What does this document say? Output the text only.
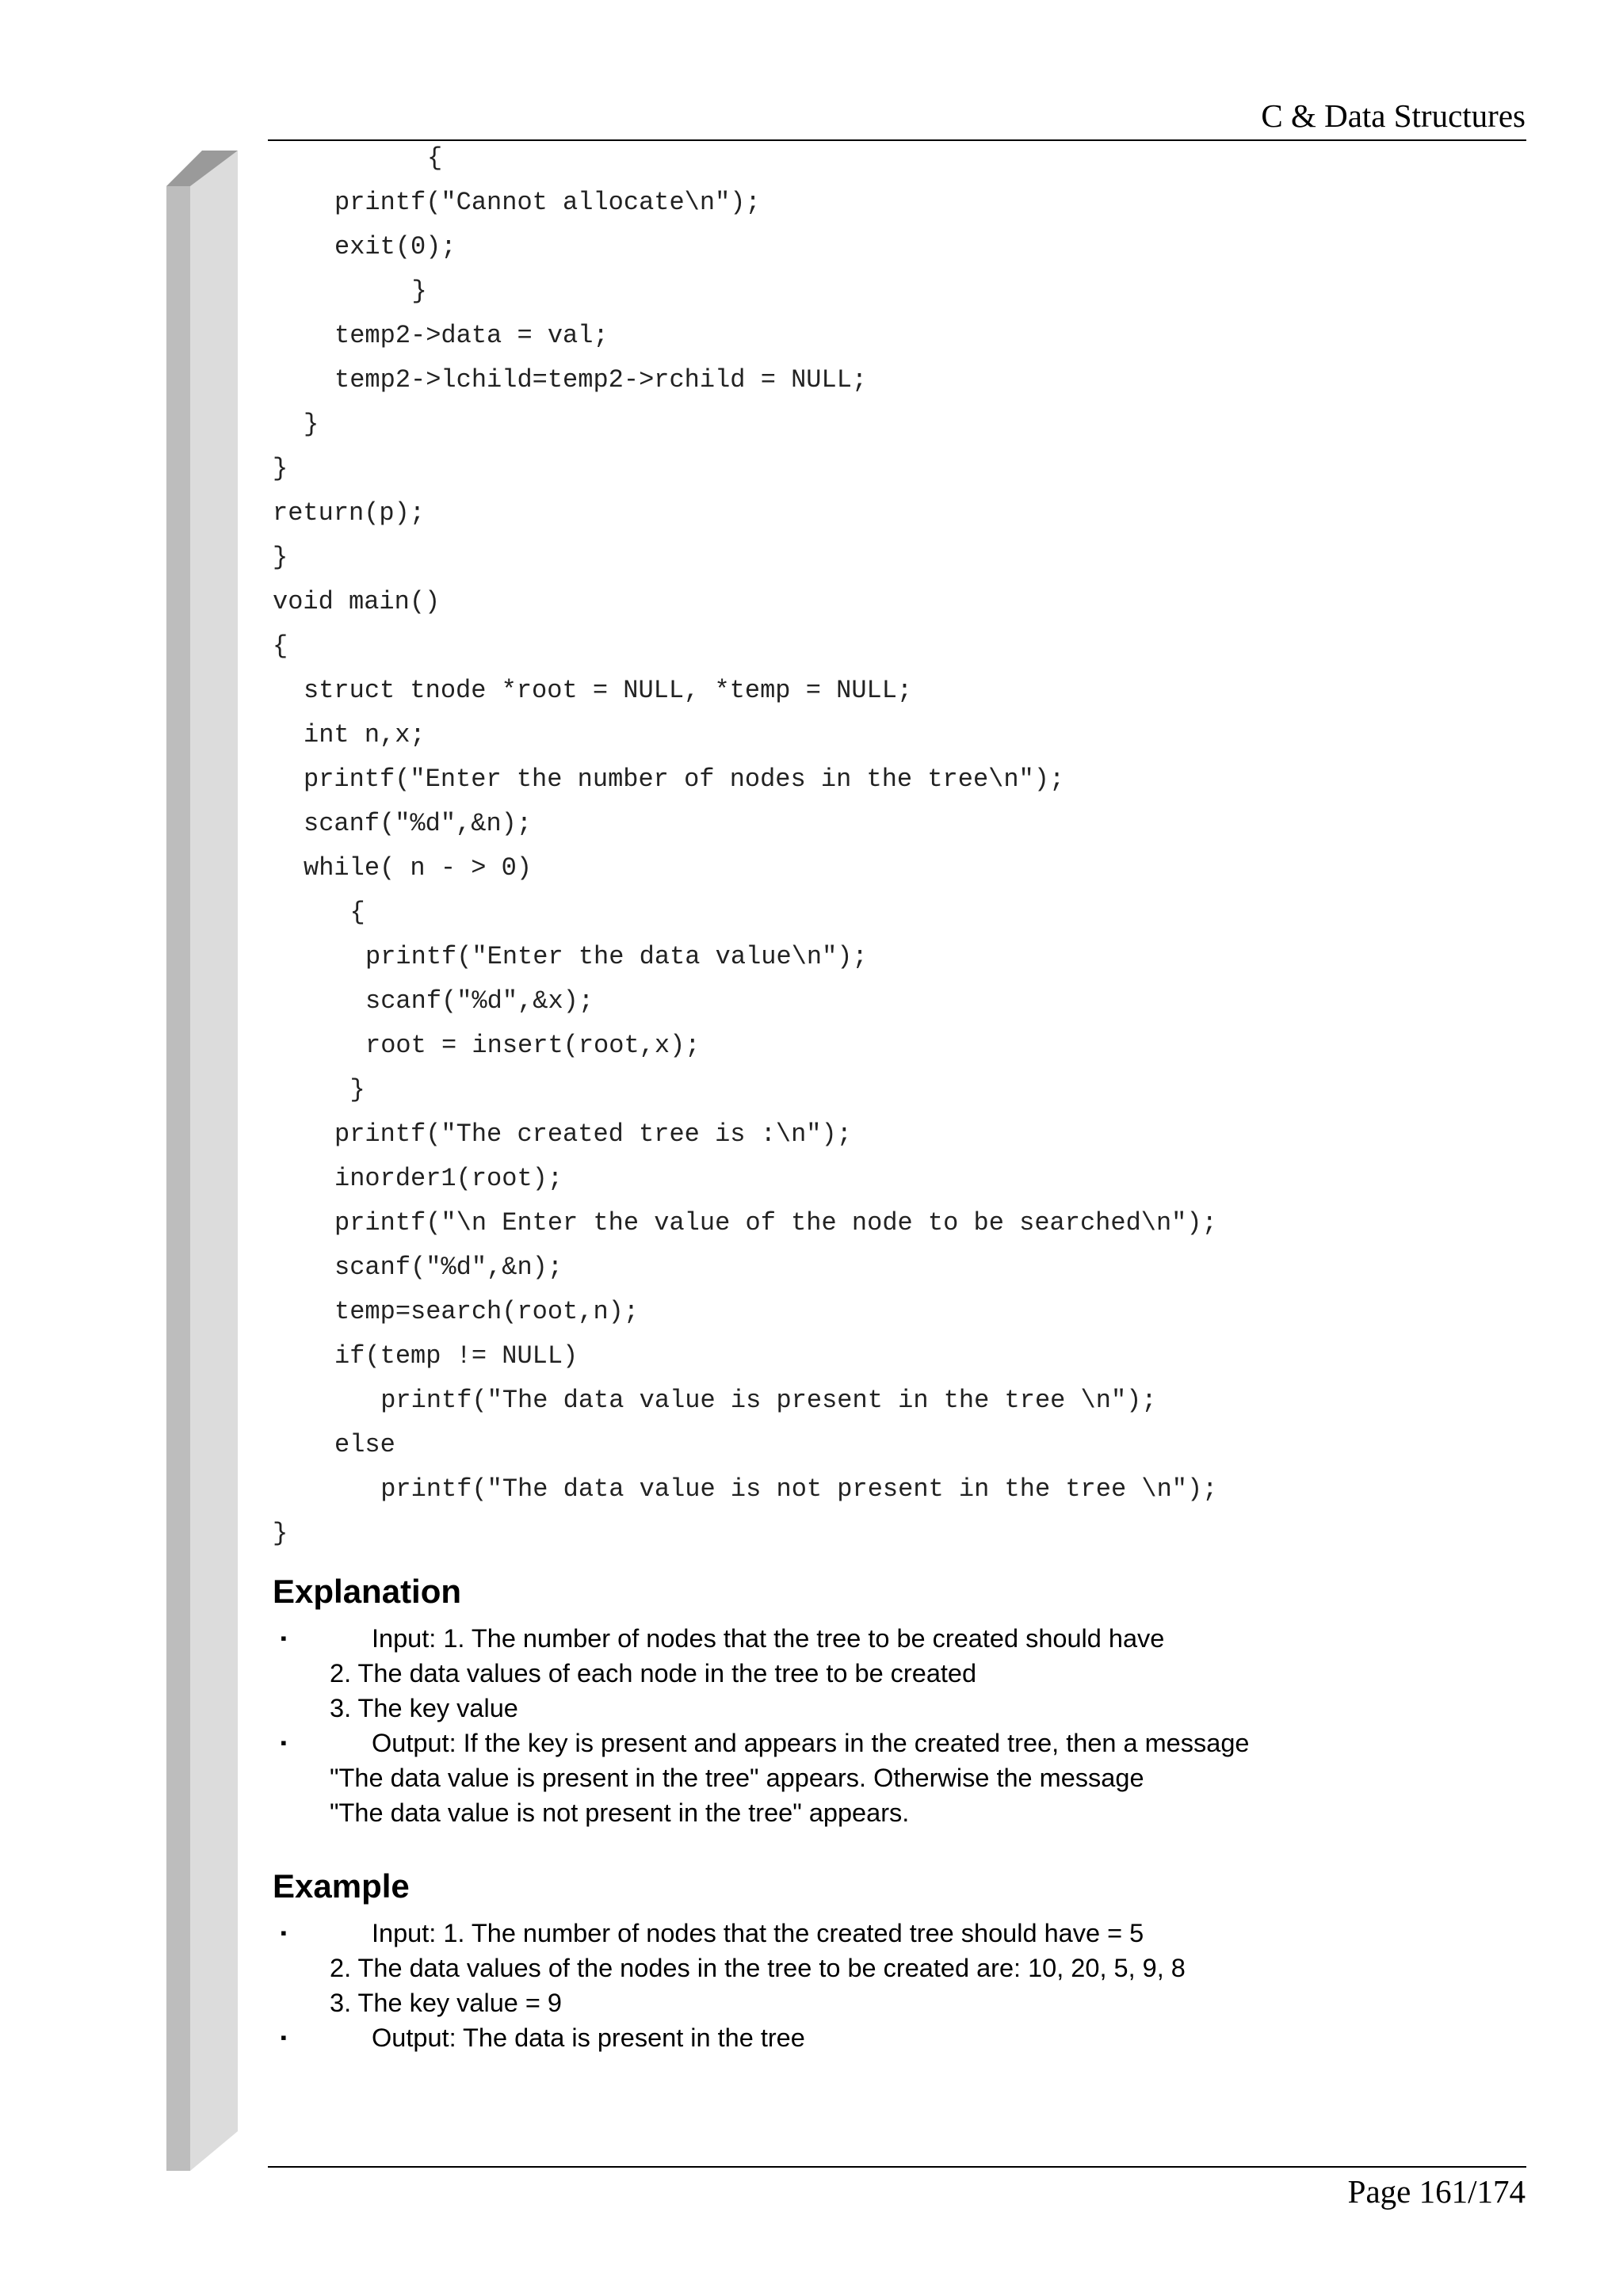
C & Data Structures
{
printf("Cannot allocate\n");
exit(0);
}
temp2->data = val;
temp2->lchild=temp2->rchild = NULL;
}
}
return(p);
}
void main()
{
struct tnode *root = NULL, *temp = NULL;
int n,x;
printf("Enter the number of nodes in the tree\n");
scanf("%d",&n);
while( n - > 0)
{
printf("Enter the data value\n");
scanf("%d",&x);
root = insert(root,x);
}
printf("The created tree is :\n");
inorder1(root);
printf("\n Enter the value of the node to be searched\n");
scanf("%d",&n);
temp=search(root,n);
if(temp != NULL)
printf("The data value is present in the tree \n");
else
printf("The data value is not present in the tree \n");
}
Explanation
▪	Input: 1. The number of nodes that the tree to be created should have
2. The data values of each node in the tree to be created
3. The key value
▪	Output: If the key is present and appears in the created tree, then a message
"The data value is present in the tree" appears. Otherwise the message
"The data value is not present in the tree" appears.
Example
▪	Input: 1. The number of nodes that the created tree should have = 5
2. The data values of the nodes in the tree to be created are: 10, 20, 5, 9, 8
3. The key value = 9
▪	Output: The data is present in the tree
Page 161/174
